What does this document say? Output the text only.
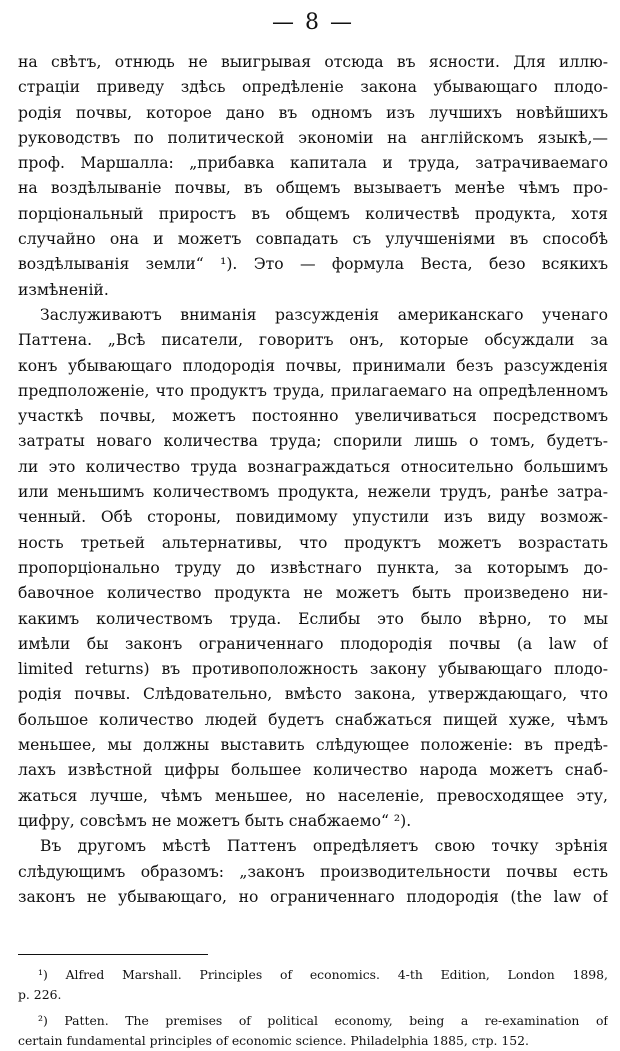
— 8 —
на свѣтъ, отнюдь не выигрывая отсюда въ ясности. Для иллю-
страціи приведу здѣсь опредѣленіе закона убывающаго плодо-
родія почвы, которое дано въ одномъ изъ лучшихъ новѣйшихъ
руководствъ по политической экономіи на англійскомъ языкѣ,—
проф. Маршалла: „прибавка капитала и труда, затрачиваемаго
на воздѣлываніе почвы, въ общемъ вызываетъ менѣе чѣмъ про-
порціональный приростъ въ общемъ количествѣ продукта, хотя
случайно она и можетъ совпадать съ улучшеніями въ способѣ
воздѣлыванія земли“ ¹). Это — формула Веста, безо всякихъ
измѣненій.
Заслуживаютъ вниманія разсужденія американскаго ученаго
Паттена. „Всѣ писатели, говоритъ онъ, которые обсуждали за
конъ убывающаго плодородія почвы, принимали безъ разсужденія
предположеніе, что продуктъ труда, прилагаемаго на опредѣленномъ
участкѣ почвы, можетъ постоянно увеличиваться посредствомъ
затраты новаго количества труда; спорили лишь о томъ, будетъ-
ли это количество труда вознаграждаться относительно большимъ
или меньшимъ количествомъ продукта, нежели трудъ, ранѣе затра-
ченный. Обѣ стороны, повидимому упустили изъ виду возмож-
ность третьей альтернативы, что продуктъ можетъ возрастать
пропорціонально труду до извѣстнаго пункта, за которымъ до-
бавочное количество продукта не можетъ быть произведено ни-
какимъ количествомъ труда. Еслибы это было вѣрно, то мы
имѣли бы законъ ограниченнаго плодородія почвы (a law of
limited returns) въ противоположность закону убывающаго плодо-
родія почвы. Слѣдовательно, вмѣсто закона, утверждающаго, что
большое количество людей будетъ снабжаться пищей хуже, чѣмъ
меньшее, мы должны выставить слѣдующее положеніе: въ предѣ-
лахъ извѣстной цифры большее количество народа можетъ снаб-
жаться лучше, чѣмъ меньшее, но населеніе, превосходящее эту,
цифру, совсѣмъ не можетъ быть снабжаемо“ ²).
Въ другомъ мѣстѣ Паттенъ опредѣляетъ свою точку зрѣнія
слѣдующимъ образомъ: „законъ производительности почвы есть
законъ не убывающаго, но ограниченнаго плодородія (the law of
¹) Alfred Marshall. Principles of economics. 4-th Edition, London 1898,
p. 226.
²) Patten. The premises of political economy, being a re-examination of
certain fundamental principles of economic science. Philadelphia 1885, стр. 152.
